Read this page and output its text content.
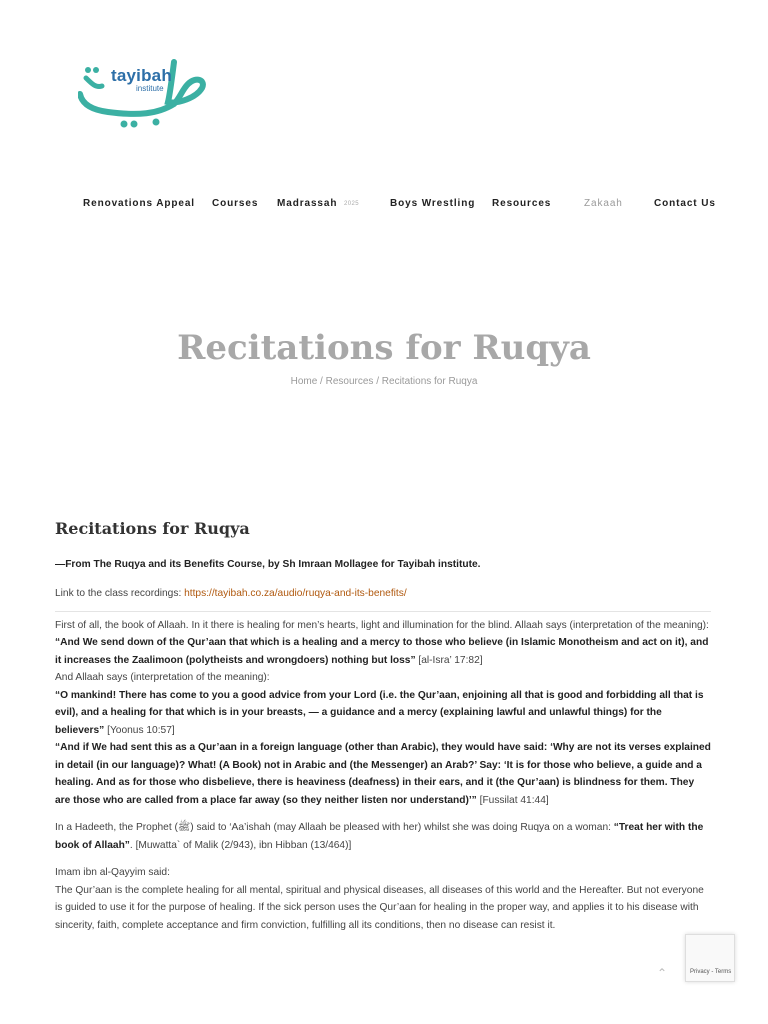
tayibah
institute
Renovations Appeal Courses Madrassah 2025	Boys Wrestling Resources	Zakaah	Contact Us
Recitations for Ruqya
Home / Resources / Recitations for Ruqya
Recitations for Ruqya

—From The Ruqya and its Benefits Course, by Sh Imraan Mollagee for Tayibah institute.

Link to the class recordings: https://tayibah.co.za/audio/ruqya-and-its-benefits/

First of all, the book of Allaah. In it there is healing for men’s hearts, light and illumination for the blind. Allaah says (interpretation of the meaning):

“And We send down of the Qur’aan that which is a healing and a mercy to those who believe (in Islamic Monotheism and act on it), and it increases the Zaalimoon (polytheists and wrongdoers) nothing but loss” [al-Isra’ 17:82]

And Allaah says (interpretation of the meaning):

“O mankind! There has come to you a good advice from your Lord (i.e. the Qur’aan, enjoining all that is good and forbidding all that is evil), and a healing for that which is in your breasts, — a guidance and a mercy (explaining lawful and unlawful things) for the believers” [Yoonus 10:57]

“And if We had sent this as a Qur’aan in a foreign language (other than Arabic), they would have said: ‘Why are not its verses explained in detail (in our language)? What! (A Book) not in Arabic and (the Messenger) an Arab?’ Say: ‘It is for those who believe, a guide and a healing. And as for those who disbelieve, there is heaviness (deafness) in their ears, and it (the Qur’aan) is blindness for them. They are those who are called from a place far away (so they neither listen nor understand)’” [Fussilat 41:44]

In a Hadeeth, the Prophet (ﷺ) said to ‘Aa’ishah (may Allaah be pleased with her) whilst she was doing Ruqya on a woman: “Treat her with the book of Allaah”. [Muwatta` of Malik (2/943), ibn Hibban (13/464)]

Imam ibn al-Qayyim said:

The Qur’aan is the complete healing for all mental, spiritual and physical diseases, all diseases of this world and the Hereafter. But not everyone is guided to use it for the purpose of healing. If the sick person uses the Qur’aan for healing in the proper way, and applies it to his disease with sincerity, faith, complete acceptance and firm conviction, fulfilling all its conditions, then no disease can resist it.

⌃	Privacy - Terms
